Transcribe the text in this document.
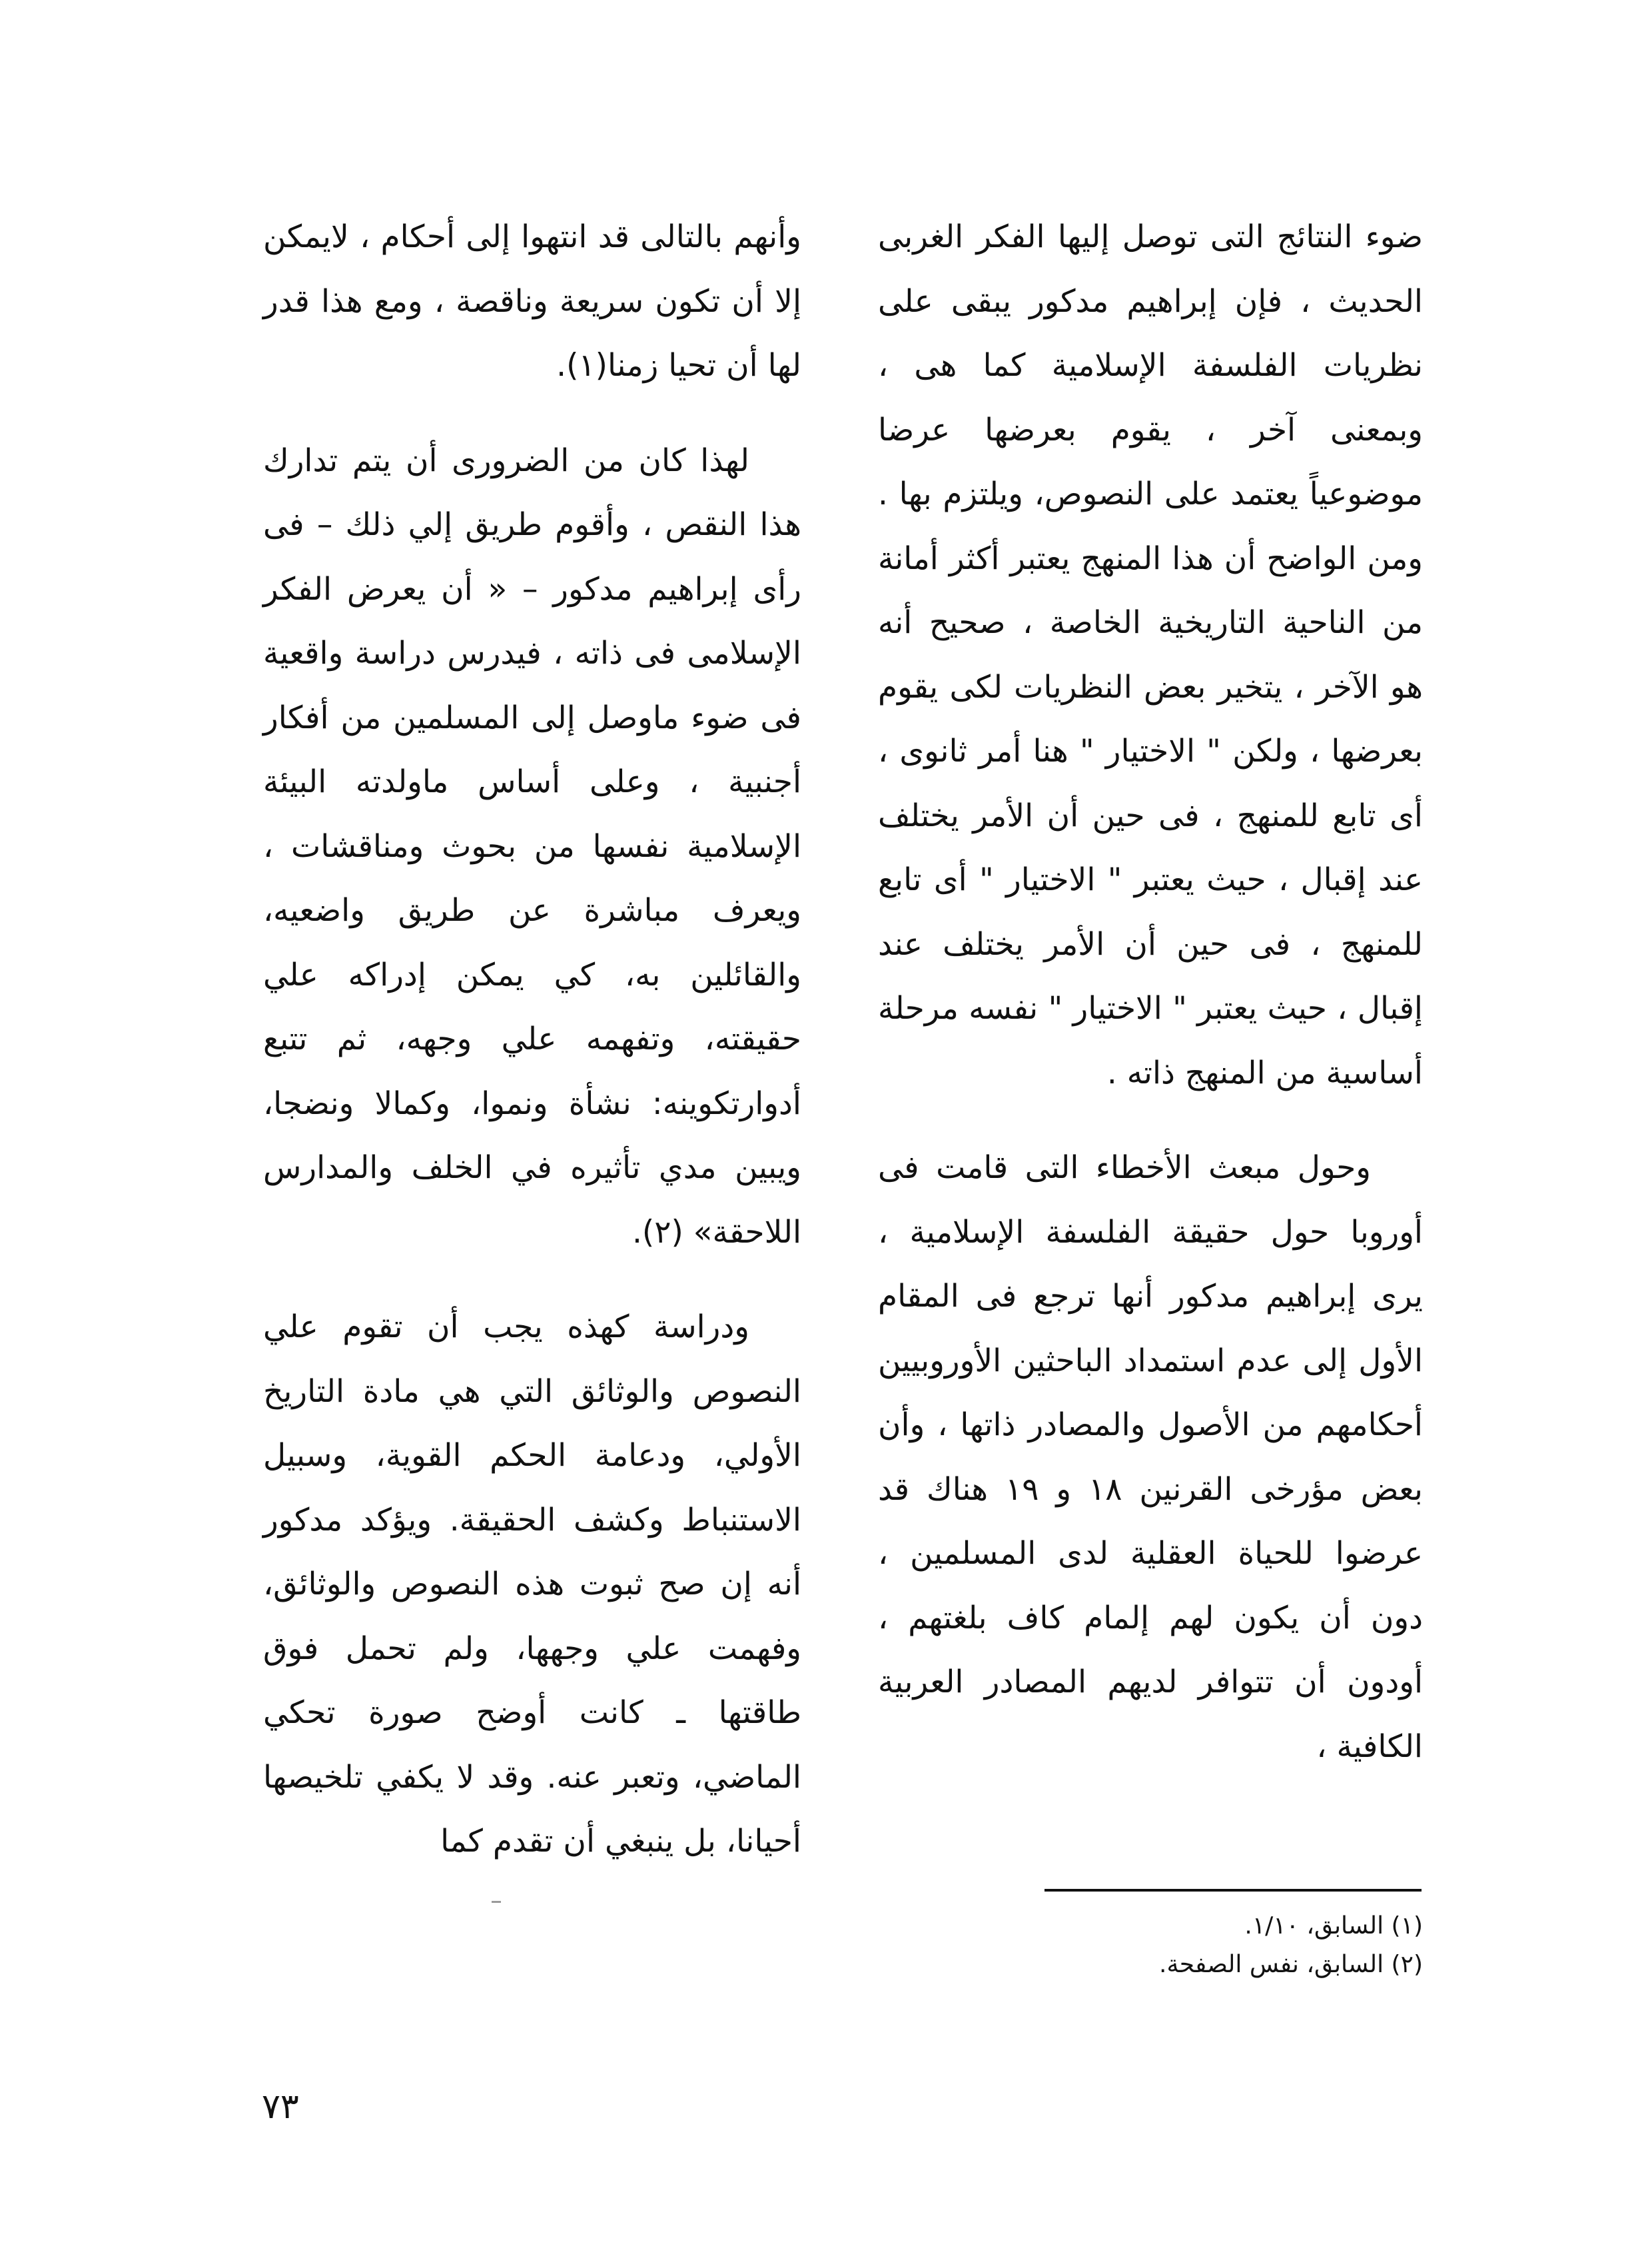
ضوء النتائج التى توصل إليها الفكر الغربى الحديث ، فإن إبراهيم مدكور يبقى على نظريات الفلسفة الإسلامية كما هى ، وبمعنى آخر ، يقوم بعرضها عرضا موضوعياً يعتمد على النصوص، ويلتزم بها . ومن الواضح أن هذا المنهج يعتبر أكثر أمانة من الناحية التاريخية الخاصة ، صحيح أنه هو الآخر ، يتخير بعض النظريات لكى يقوم بعرضها ، ولكن " الاختيار " هنا أمر ثانوى ، أى تابع للمنهج ، فى حين أن الأمر يختلف عند إقبال ، حيث يعتبر " الاختيار " أى تابع للمنهج ، فى حين أن الأمر يختلف عند إقبال ، حيث يعتبر " الاختيار " نفسه مرحلة أساسية من المنهج ذاته .

وحول مبعث الأخطاء التى قامت فى أوروبا حول حقيقة الفلسفة الإسلامية ، يرى إبراهيم مدكور أنها ترجع فى المقام الأول إلى عدم استمداد الباحثين الأوروبيين أحكامهم من الأصول والمصادر ذاتها ، وأن بعض مؤرخى القرنين ١٨ و ١٩ هناك قد عرضوا للحياة العقلية لدى المسلمين ، دون أن يكون لهم إلمام كاف بلغتهم ، أودون أن تتوافر لديهم المصادر العربية الكافية ،

وأنهم بالتالى قد انتهوا إلى أحكام ، لايمكن إلا أن تكون سريعة وناقصة ، ومع هذا قدر لها أن تحيا زمنا(١).

لهذا كان من الضرورى أن يتم تدارك هذا النقص ، وأقوم طريق إلي ذلك – فى رأى إبراهيم مدكور – « أن يعرض الفكر الإسلامى فى ذاته ، فيدرس دراسة واقعية فى ضوء ماوصل إلى المسلمين من أفكار أجنبية ، وعلى أساس ماولدته البيئة الإسلامية نفسها من بحوث ومناقشات ، ويعرف مباشرة عن طريق واضعيه، والقائلين به، كي يمكن إدراكه علي حقيقته، وتفهمه علي وجهه، ثم تتبع أدوارتكوينه: نشأة ونموا، وكمالا ونضجا، ويبين مدي تأثيره في الخلف والمدارس اللاحقة» (٢).

ودراسة كهذه يجب أن تقوم علي النصوص والوثائق التي هي مادة التاريخ الأولي، ودعامة الحكم القوية، وسبيل الاستنباط وكشف الحقيقة. ويؤكد مدكور أنه إن صح ثبوت هذه النصوص والوثائق، وفهمت علي وجهها، ولم تحمل فوق طاقتها ـ كانت أوضح صورة تحكي الماضي، وتعبر عنه. وقد لا يكفي تلخيصها أحيانا، بل ينبغي أن تقدم كما

(١) السابق، ١/١٠.
(٢) السابق، نفس الصفحة.
٧٣
